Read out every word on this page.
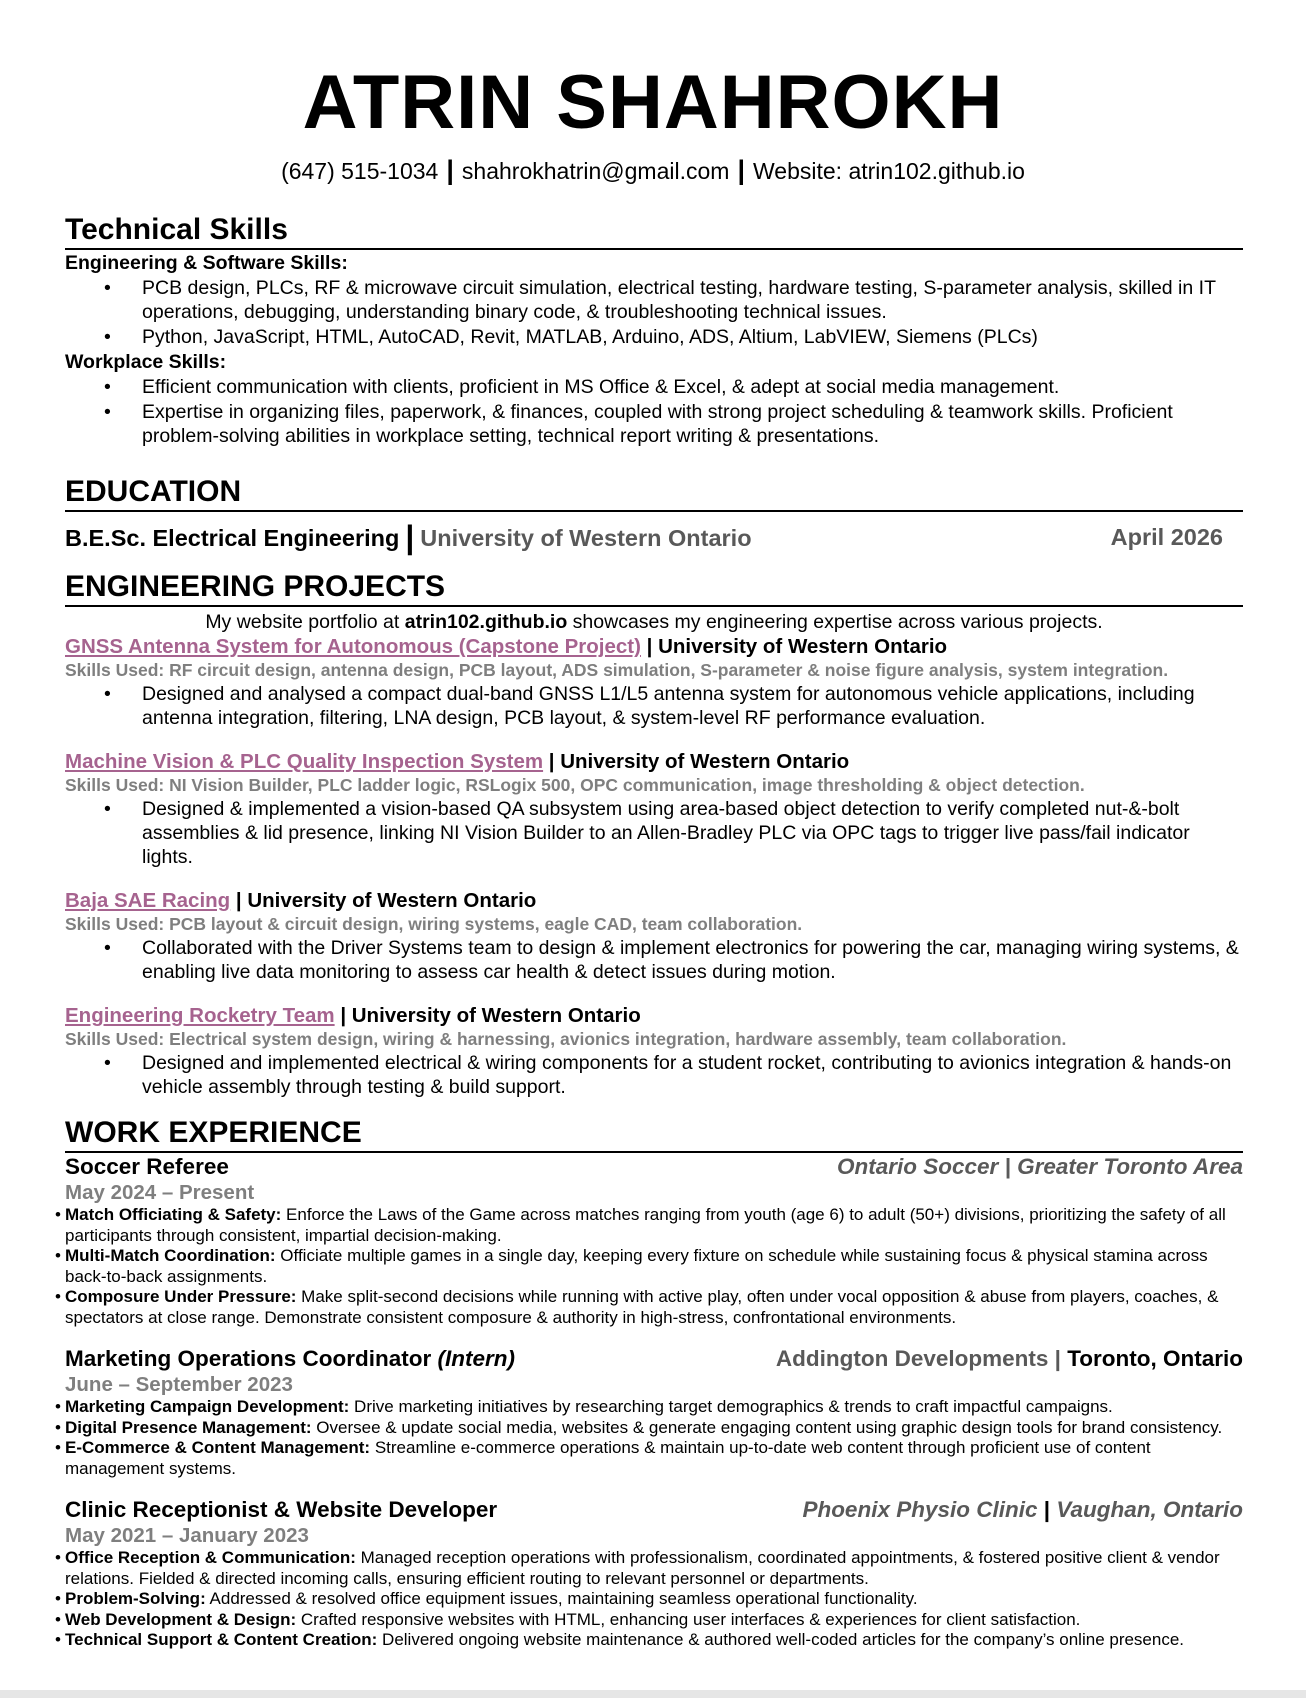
ATRIN SHAHROKH
(647) 515-1034 | shahrokhatrin@gmail.com | Website: atrin102.github.io
Technical Skills
Engineering & Software Skills:
• PCB design, PLCs, RF & microwave circuit simulation, electrical testing, hardware testing, S-parameter analysis, skilled in IT operations, debugging, understanding binary code, & troubleshooting technical issues.
• Python, JavaScript, HTML, AutoCAD, Revit, MATLAB, Arduino, ADS, Altium, LabVIEW, Siemens (PLCs)
Workplace Skills:
• Efficient communication with clients, proficient in MS Office & Excel, & adept at social media management.
• Expertise in organizing files, paperwork, & finances, coupled with strong project scheduling & teamwork skills. Proficient problem-solving abilities in workplace setting, technical report writing & presentations.
EDUCATION
B.E.Sc. Electrical Engineering | University of Western Ontario	April 2026
ENGINEERING PROJECTS
My website portfolio at atrin102.github.io showcases my engineering expertise across various projects.
GNSS Antenna System for Autonomous (Capstone Project) | University of Western Ontario
Skills Used: RF circuit design, antenna design, PCB layout, ADS simulation, S-parameter & noise figure analysis, system integration.
• Designed and analysed a compact dual-band GNSS L1/L5 antenna system for autonomous vehicle applications, including antenna integration, filtering, LNA design, PCB layout, & system-level RF performance evaluation.
Machine Vision & PLC Quality Inspection System | University of Western Ontario
Skills Used: NI Vision Builder, PLC ladder logic, RSLogix 500, OPC communication, image thresholding & object detection.
• Designed & implemented a vision-based QA subsystem using area-based object detection to verify completed nut-&-bolt assemblies & lid presence, linking NI Vision Builder to an Allen-Bradley PLC via OPC tags to trigger live pass/fail indicator lights.
Baja SAE Racing | University of Western Ontario
Skills Used: PCB layout & circuit design, wiring systems, eagle CAD, team collaboration.
• Collaborated with the Driver Systems team to design & implement electronics for powering the car, managing wiring systems, & enabling live data monitoring to assess car health & detect issues during motion.
Engineering Rocketry Team | University of Western Ontario
Skills Used: Electrical system design, wiring & harnessing, avionics integration, hardware assembly, team collaboration.
• Designed and implemented electrical & wiring components for a student rocket, contributing to avionics integration & hands-on vehicle assembly through testing & build support.
WORK EXPERIENCE
Soccer Referee	Ontario Soccer | Greater Toronto Area
May 2024 – Present
• Match Officiating & Safety: Enforce the Laws of the Game across matches ranging from youth (age 6) to adult (50+) divisions, prioritizing the safety of all participants through consistent, impartial decision-making.
• Multi-Match Coordination: Officiate multiple games in a single day, keeping every fixture on schedule while sustaining focus & physical stamina across back-to-back assignments.
• Composure Under Pressure: Make split-second decisions while running with active play, often under vocal opposition & abuse from players, coaches, & spectators at close range. Demonstrate consistent composure & authority in high-stress, confrontational environments.
Marketing Operations Coordinator (Intern)	Addington Developments | Toronto, Ontario
June – September 2023
• Marketing Campaign Development: Drive marketing initiatives by researching target demographics & trends to craft impactful campaigns.
• Digital Presence Management: Oversee & update social media, websites & generate engaging content using graphic design tools for brand consistency.
• E-Commerce & Content Management: Streamline e-commerce operations & maintain up-to-date web content through proficient use of content management systems.
Clinic Receptionist & Website Developer	Phoenix Physio Clinic | Vaughan, Ontario
May 2021 – January 2023
• Office Reception & Communication: Managed reception operations with professionalism, coordinated appointments, & fostered positive client & vendor relations. Fielded & directed incoming calls, ensuring efficient routing to relevant personnel or departments.
• Problem-Solving: Addressed & resolved office equipment issues, maintaining seamless operational functionality.
• Web Development & Design: Crafted responsive websites with HTML, enhancing user interfaces & experiences for client satisfaction.
• Technical Support & Content Creation: Delivered ongoing website maintenance & authored well-coded articles for the company’s online presence.
